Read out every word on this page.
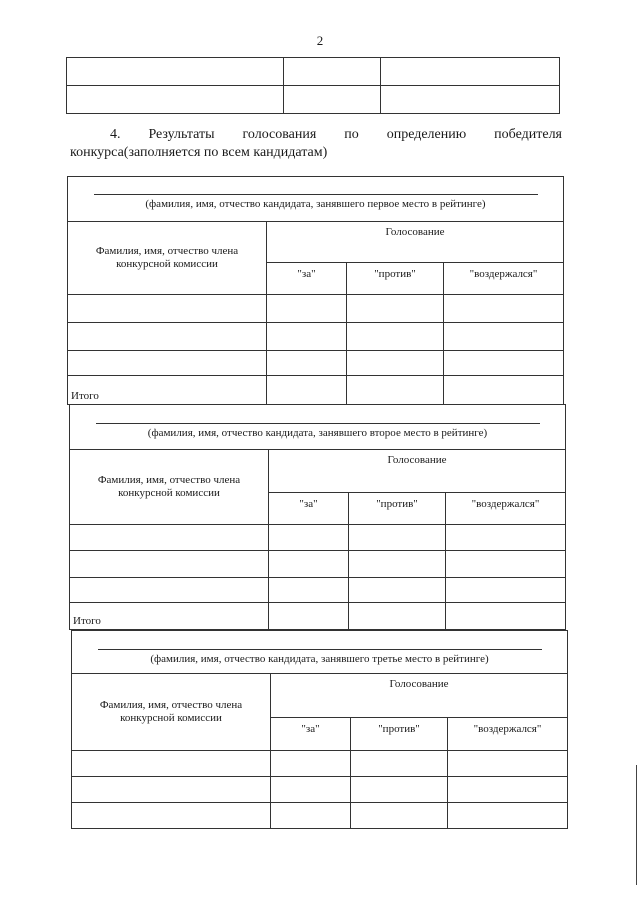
2

4. Результаты голосования по определению победителя
конкурса(заполняется по всем кандидатам)
(фамилия, имя, отчество кандидата, занявшего первое место в рейтинге)
Фамилия, имя, отчество члена
конкурсной комиссии	Голосование		
	"за"	"против"	"воздержался"

Итого			
(фамилия, имя, отчество кандидата, занявшего второе место в рейтинге)
Фамилия, имя, отчество члена
конкурсной комиссии	Голосование		
	"за"	"против"	"воздержался"

Итого			
(фамилия, имя, отчество кандидата, занявшего третье место в рейтинге)
Фамилия, имя, отчество члена
конкурсной комиссии	Голосование		
	"за"	"против"	"воздержался"
